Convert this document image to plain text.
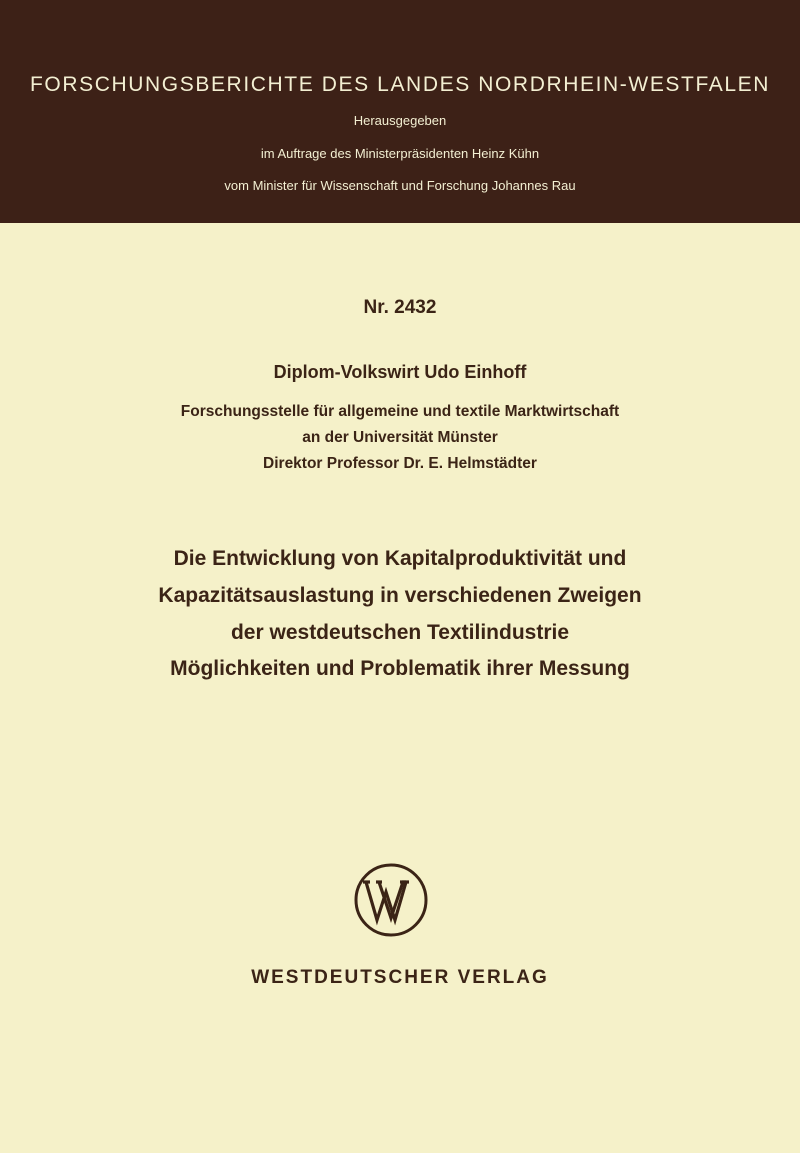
FORSCHUNGSBERICHTE DES LANDES NORDRHEIN-WESTFALEN
Herausgegeben
im Auftrage des Ministerpräsidenten Heinz Kühn
vom Minister für Wissenschaft und Forschung Johannes Rau
Nr. 2432
Diplom-Volkswirt Udo Einhoff
Forschungsstelle für allgemeine und textile Marktwirtschaft
an der Universität Münster
Direktor Professor Dr. E. Helmstädter
Die Entwicklung von Kapitalproduktivität und
Kapazitätsauslastung in verschiedenen Zweigen
der westdeutschen Textilindustrie
Möglichkeiten und Problematik ihrer Messung
WESTDEUTSCHER VERLAG
